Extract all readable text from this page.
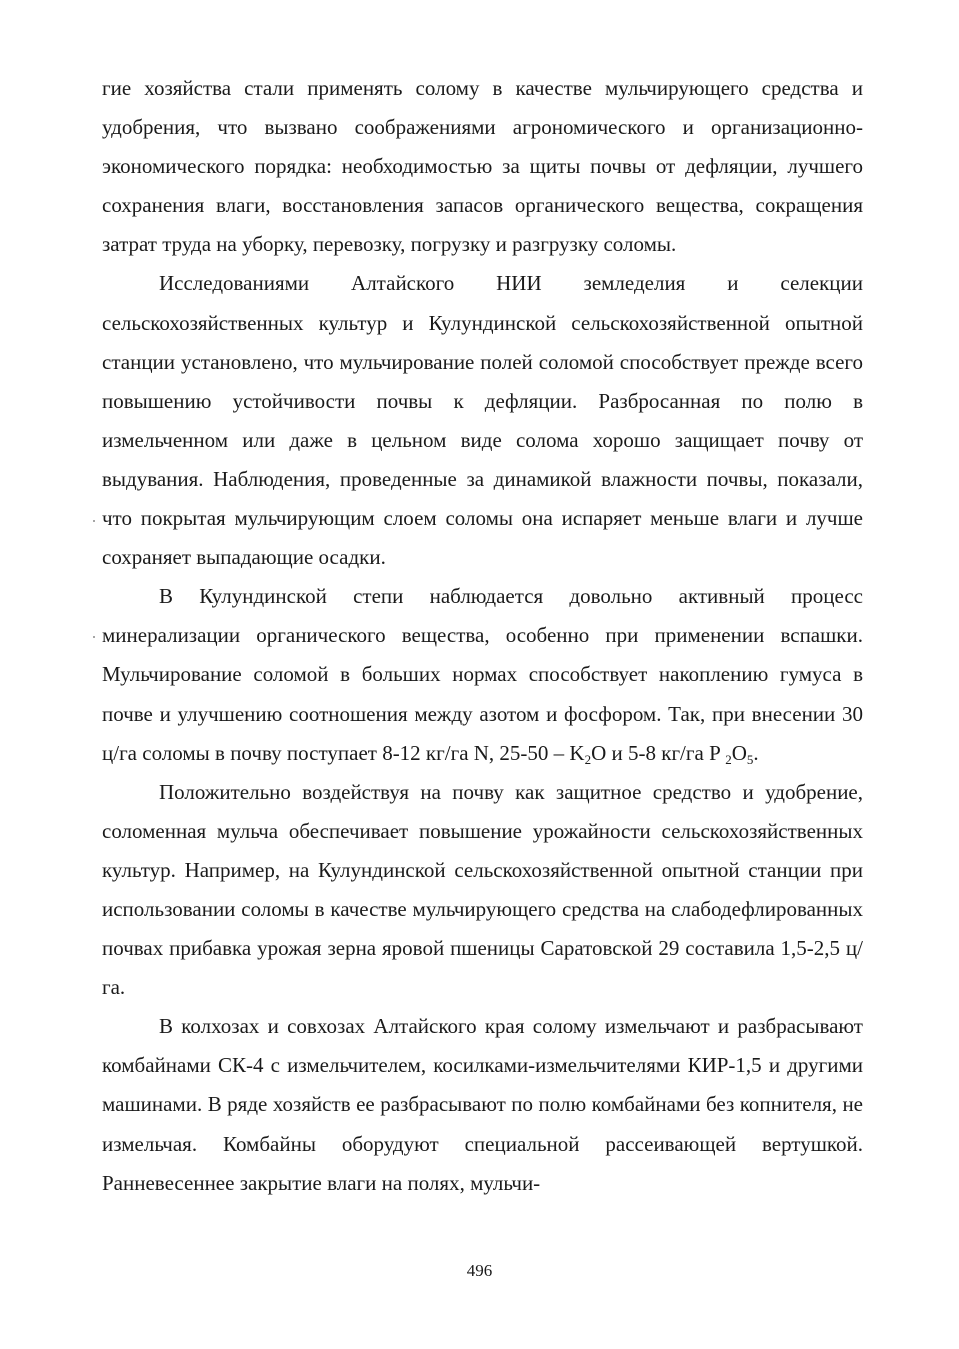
гие хозяйства стали применять солому в качестве мульчирующего средства и удобрения, что вызвано соображениями агрономического и организационно-экономического порядка: необходимостью за щиты почвы от дефляции, лучшего сохранения влаги, восстановления запасов органического вещества, сокращения затрат труда на уборку, перевозку, погрузку и разгрузку соломы.

Исследованиями Алтайского НИИ земледелия и селекции сельскохозяйственных культур и Кулундинской сельскохозяйственной опытной станции установлено, что мульчирование полей соломой способствует прежде всего повышению устойчивости почвы к дефляции. Разбросанная по полю в измельченном или даже в цельном виде солома хорошо защищает почву от выдувания. Наблюдения, проведенные за динамикой влажности почвы, показали, что покрытая мульчирующим слоем соломы она испаряет меньше влаги и лучше сохраняет выпадающие осадки.

В Кулундинской степи наблюдается довольно активный процесс минерализации органического вещества, особенно при применении вспашки. Мульчирование соломой в больших нормах способствует накоплению гумуса в почве и улучшению соотношения между азотом и фосфором. Так, при внесении 30 ц/га соломы в почву поступает 8-12 кг/га N, $25-50 - K_2O$ и 5-8 кг/га P $_2O_5$.

Положительно воздействуя на почву как защитное средство и удобрение, соломенная мульча обеспечивает повышение урожайности сельскохозяйственных культур. Например, на Кулундинской сельскохозяйственной опытной станции при использовании соломы в качестве мульчирующего средства на слабодефлированных почвах прибавка урожая зерна яровой пшеницы Саратовской 29 составила 1,5-2,5 ц/га.

В колхозах и совхозах Алтайского края солому измельчают и разбрасывают комбайнами СК-4 с измельчителем, косилками-измельчителями КИР-1,5 и другими машинами. В ряде хозяйств ее разбрасывают по полю комбайнами без копнителя, не измельчая. Комбайны оборудуют специальной рассеивающей вертушкой. Ранневесеннее закрытие влаги на полях, мульчи-

496
